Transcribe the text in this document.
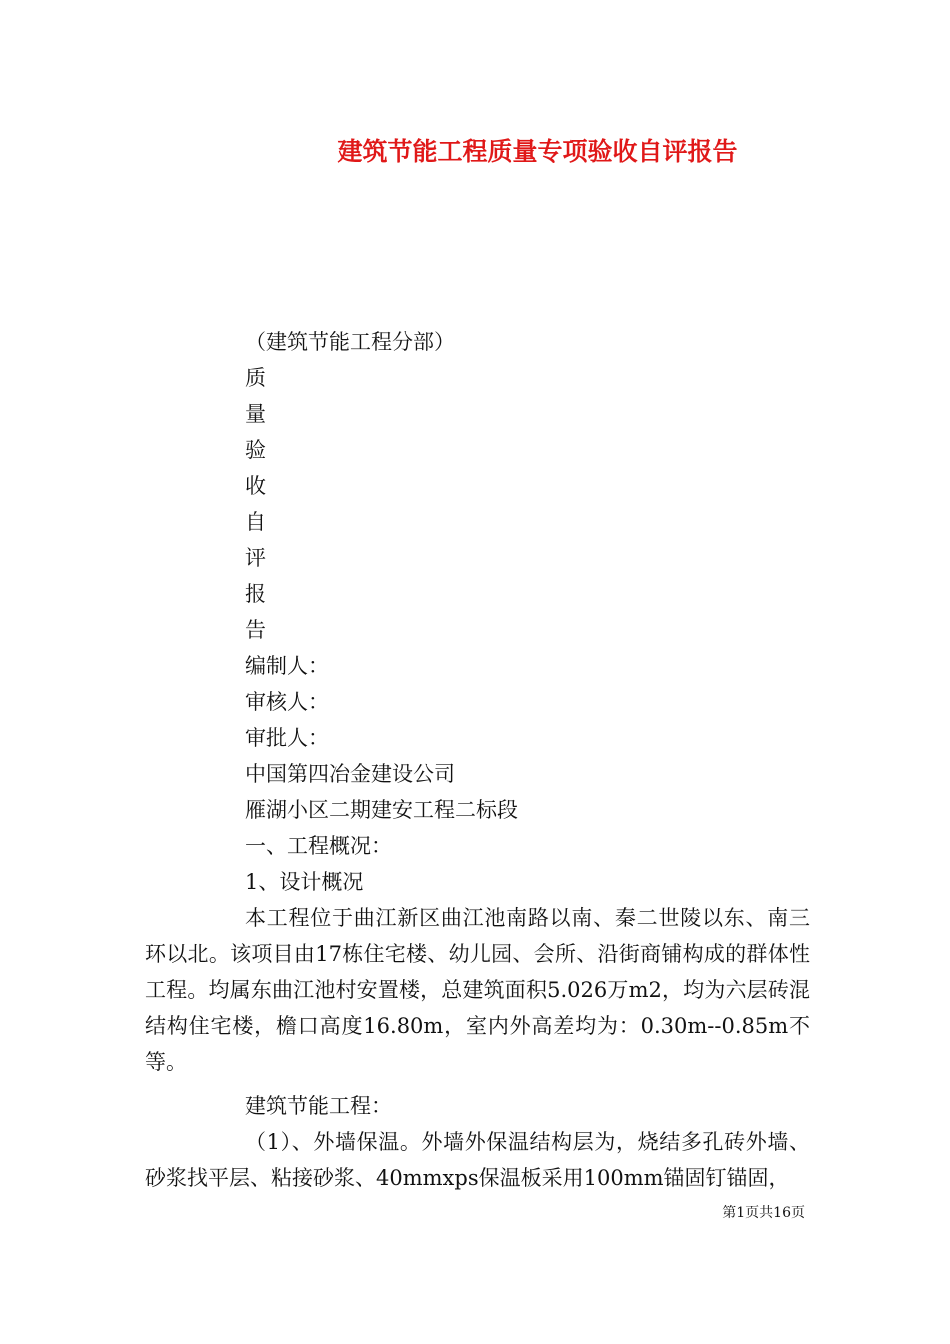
建筑节能工程质量专项验收自评报告
（建筑节能工程分部）
质
量
验
收
自
评
报
告
编制人：
审核人：
审批人：
中国第四冶金建设公司
雁湖小区二期建安工程二标段
一、工程概况：
1、设计概况

本工程位于曲江新区曲江池南路以南、秦二世陵以东、南三环以北。该项目由17栋住宅楼、幼儿园、会所、沿街商铺构成的群体性工程。均属东曲江池村安置楼，总建筑面积5.026万m2，均为六层砖混结构住宅楼，檐口高度16.80m，室内外高差均为：0.30m--0.85m不等。

建筑节能工程：

（1）、外墙保温。外墙外保温结构层为，烧结多孔砖外墙、砂浆找平层、粘接砂浆、40mmxps保温板采用100mm锚固钉锚固，

第1页共16页
